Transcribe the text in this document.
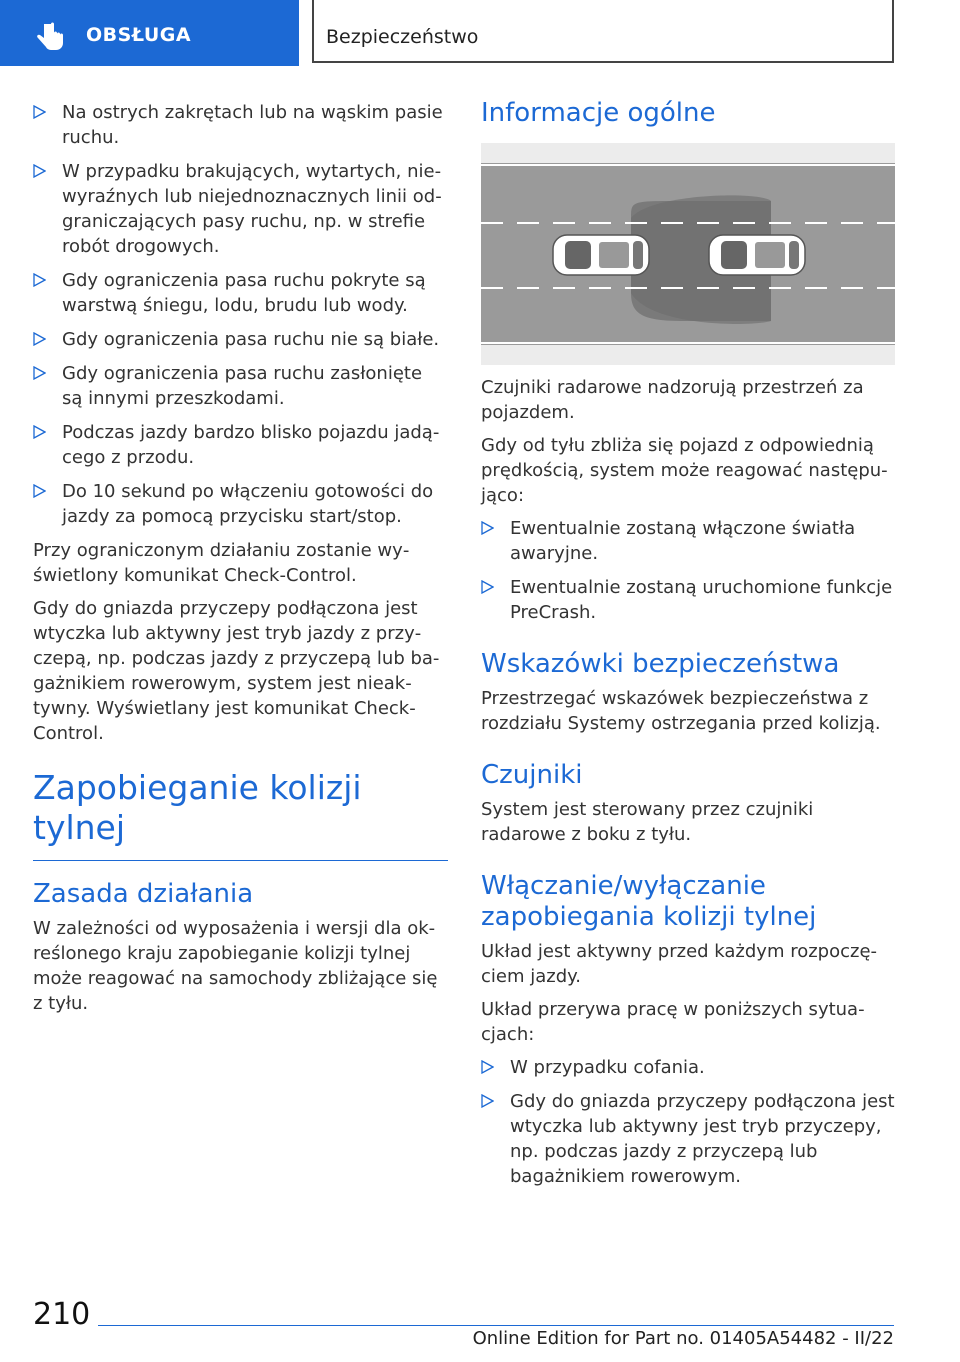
OBSŁUGA	Bezpieczeństwo
Na ostrych zakrętach lub na wąskim pasie ruchu.
W przypadku brakujących, wytartych, niewyraźnych lub niejednoznacznych linii odgraniczających pasy ruchu, np. w strefie robót drogowych.
Gdy ograniczenia pasa ruchu pokryte są warstwą śniegu, lodu, brudu lub wody.
Gdy ograniczenia pasa ruchu nie są białe.
Gdy ograniczenia pasa ruchu zasłonięte są innymi przeszkodami.
Podczas jazdy bardzo blisko pojazdu jadącego z przodu.
Do 10 sekund po włączeniu gotowości do jazdy za pomocą przycisku start/stop.

Przy ograniczonym działaniu zostanie wyświetlony komunikat Check-Control.

Gdy do gniazda przyczepy podłączona jest wtyczka lub aktywny jest tryb jazdy z przyczepą, np. podczas jazdy z przyczepą lub bagażnikiem rowerowym, system jest nieaktywny. Wyświetlany jest komunikat Check-Control.

Zapobieganie kolizji tylnej
Zasada działania

W zależności od wyposażenia i wersji dla określonego kraju zapobieganie kolizji tylnej może reagować na samochody zbliżające się z tyłu.

Informacje ogólne

Czujniki radarowe nadzorują przestrzeń za pojazdem.

Gdy od tyłu zbliża się pojazd z odpowiednią prędkością, system może reagować następująco:

Ewentualnie zostaną włączone światła awaryjne.
Ewentualnie zostaną uruchomione funkcje PreCrash.
Wskazówki bezpieczeństwa

Przestrzegać wskazówek bezpieczeństwa z rozdziału Systemy ostrzegania przed kolizją.

Czujniki

System jest sterowany przez czujniki radarowe z boku z tyłu.

Włączanie/wyłączanie zapobiegania kolizji tylnej

Układ jest aktywny przed każdym rozpoczęciem jazdy.

Układ przerywa pracę w poniższych sytuacjach:

W przypadku cofania.
Gdy do gniazda przyczepy podłączona jest wtyczka lub aktywny jest tryb przyczepy, np. podczas jazdy z przyczepą lub bagażnikiem rowerowym.
210
Online Edition for Part no. 01405A54482 - II/22
